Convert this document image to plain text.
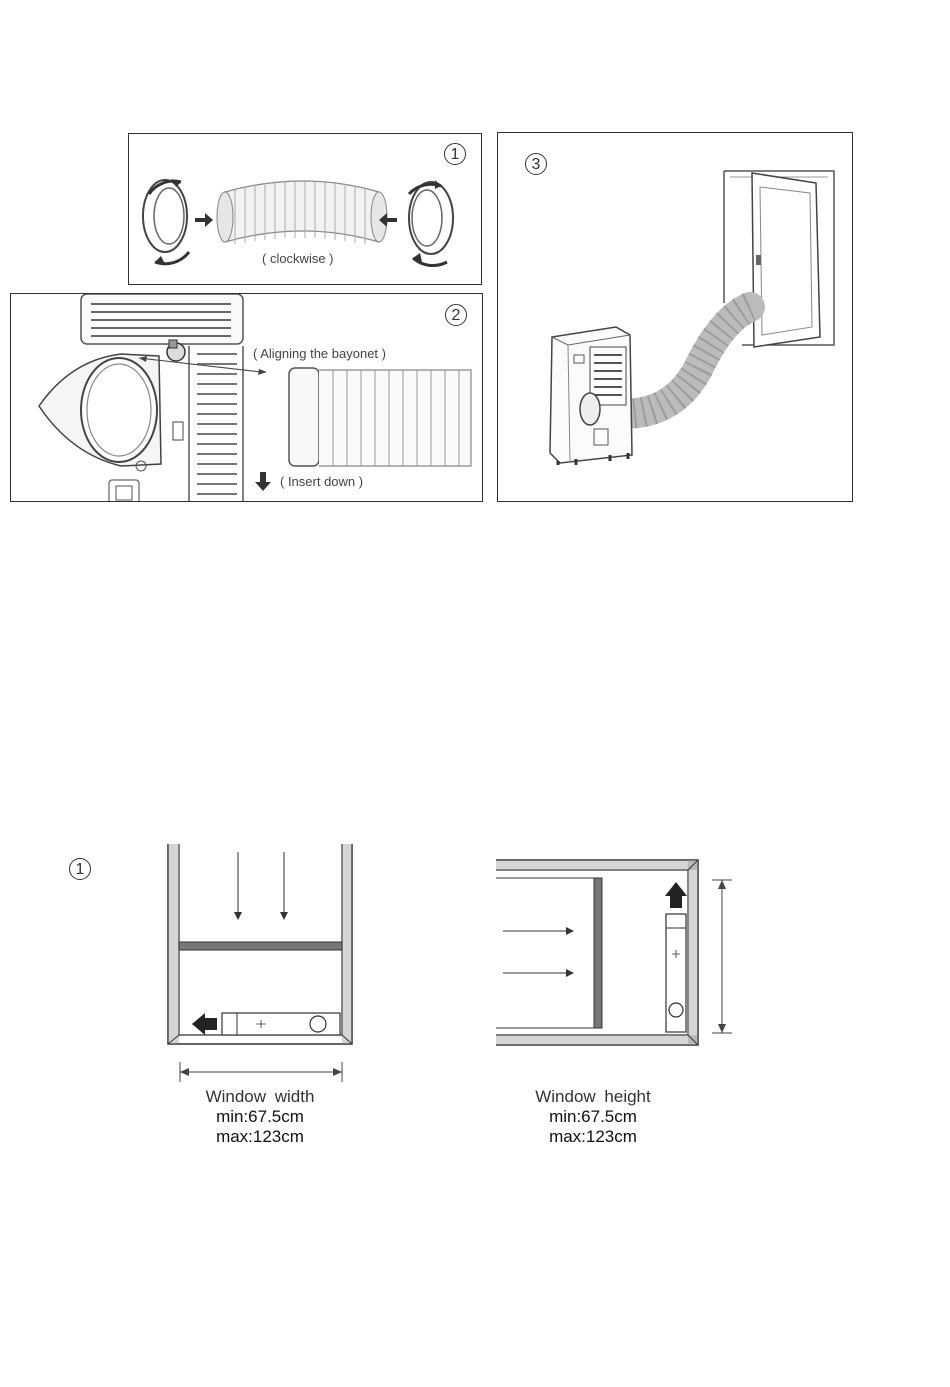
1
( clockwise )
2
( Aligning the bayonet )
( Insert down )
3
1
Window width
min:67.5cm
max:123cm
Window height
min:67.5cm
max:123cm
